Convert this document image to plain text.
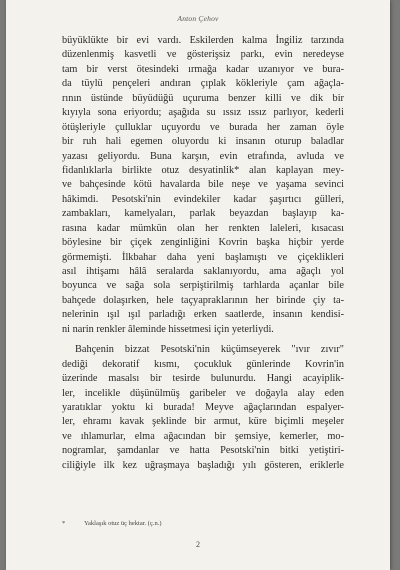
Anton Çehov
büyüklükte bir evi vardı. Eskilerden kalma İngiliz tarzında
düzenlenmiş kasvetli ve gösterişsiz parkı, evin neredeyse
tam bir verst ötesindeki ırmağa kadar uzanıyor ve bura-
da tüylü pençeleri andıran çıplak kökleriyle çam ağaçla-
rının üstünde büyüdüğü uçuruma benzer killi ve dik bir
kıyıyla sona eriyordu; aşağıda su ıssız ıssız parlıyor, kederli
ötüşleriyle çulluklar uçuyordu ve burada her zaman öyle
bir ruh hali egemen oluyordu ki insanın oturup baladlar
yazası geliyordu. Buna karşın, evin etrafında, avluda ve
fidanlıklarla birlikte otuz desyatinlik* alan kaplayan mey-
ve bahçesinde kötü havalarda bile neşe ve yaşama sevinci
hâkimdi. Pesotski'nin evindekiler kadar şaşırtıcı gülleri,
zambakları, kamelyaları, parlak beyazdan başlayıp ka-
rasına kadar mümkün olan her renkten laleleri, kısacası
böylesine bir çiçek zenginliğini Kovrin başka hiçbir yerde
görmemişti. İlkbahar daha yeni başlamıştı ve çiçeklikleri
asıl ihtişamı hâlâ seralarda saklanıyordu, ama ağaçlı yol
boyunca ve sağa sola serpiştirilmiş tarhlarda açanlar bile
bahçede dolaşırken, hele taçyapraklarının her birinde çiy ta-
nelerinin ışıl ışıl parladığı erken saatlerde, insanın kendisi-
ni narin renkler âleminde hissetmesi için yeterliydi.
Bahçenin bizzat Pesotski'nin küçümseyerek "ıvır zıvır"
dediği dekoratif kısmı, çocukluk günlerinde Kovrin'in
üzerinde masalsı bir tesirde bulunurdu. Hangi acayiplik-
ler, incelikle düşünülmüş garibeler ve doğayla alay eden
yaratıklar yoktu ki burada! Meyve ağaçlarından espalyer-
ler, ehramı kavak şeklinde bir armut, küre biçimli meşeler
ve ıhlamurlar, elma ağacından bir şemsiye, kemerler, mo-
nogramlar, şamdanlar ve hatta Pesotski'nin bitki yetiştiri-
ciliğiyle ilk kez uğraşmaya başladığı yılı gösteren, eriklerle
*	Yaklaşık otuz üç hektar. (ç.n.)
2
